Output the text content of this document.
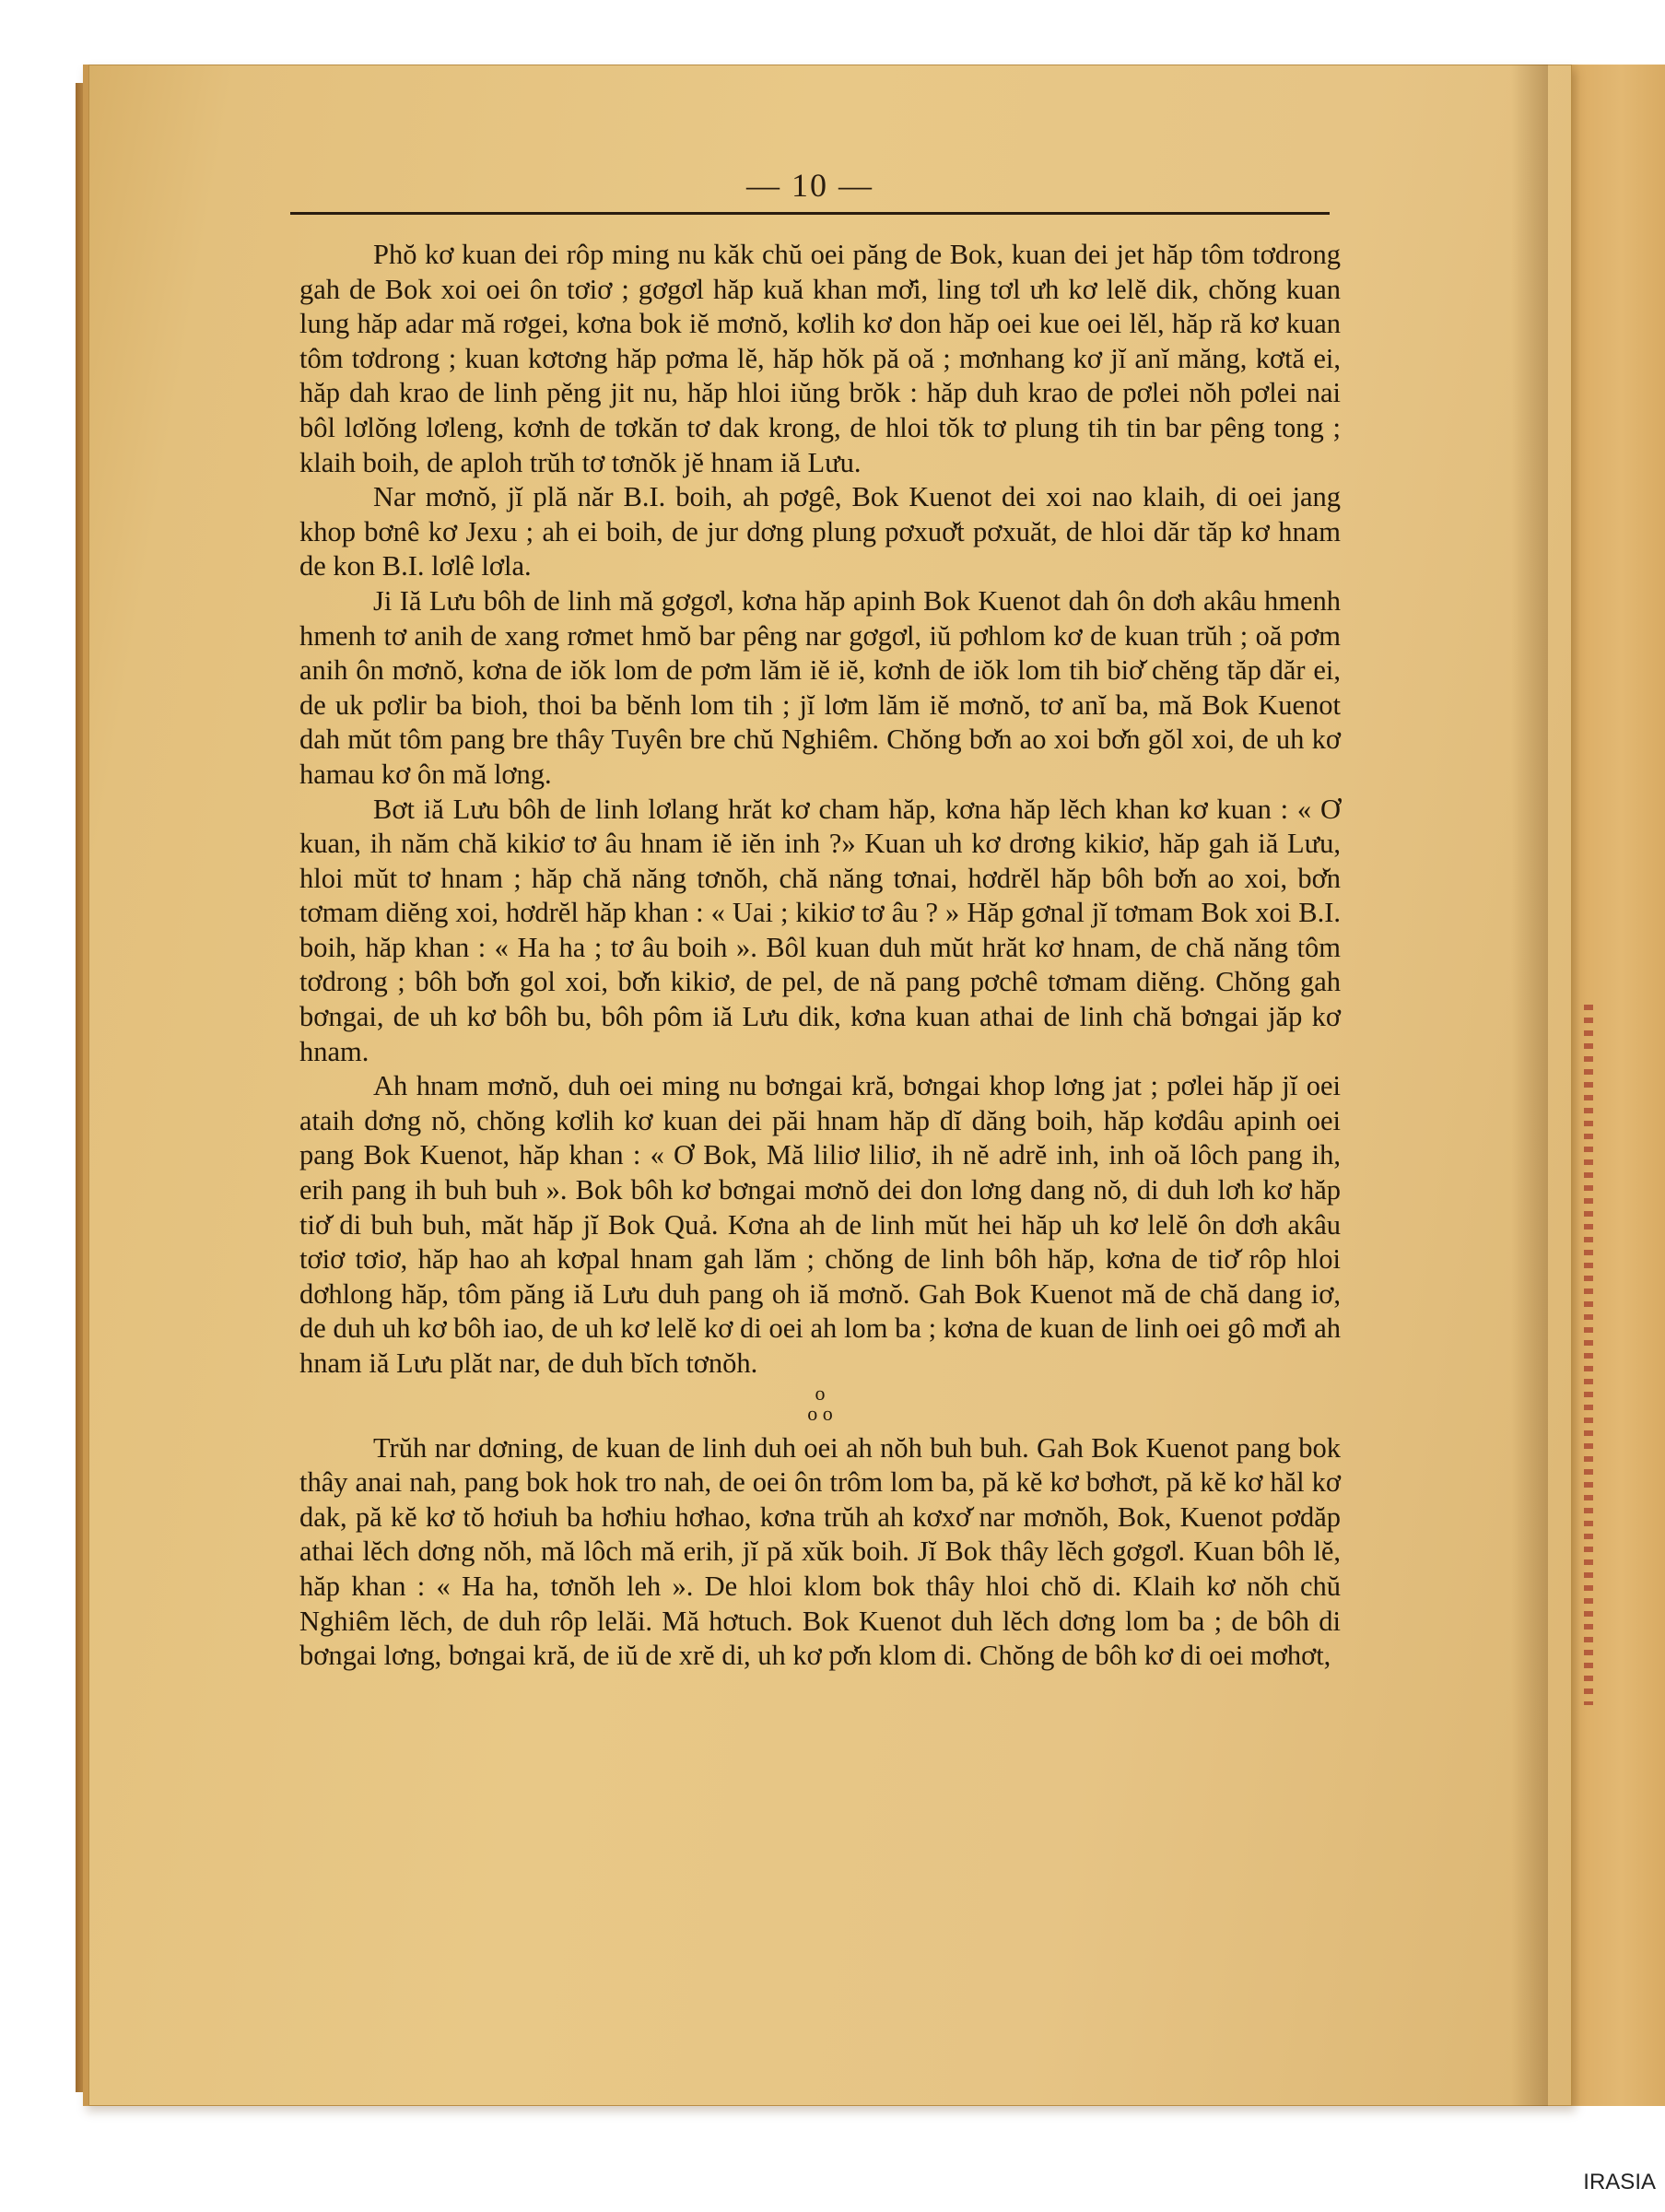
— 10 —

Phŏ kơ kuan dei rôp ming nu kăk chŭ oei păng de Bok, kuan dei jet hăp tôm tơdrong gah de Bok xoi oei ôn tơiơ ; gơgơl hăp kuă khan mơ̆i, ling tơl ưh kơ lelĕ dik, chŏng kuan lung hăp adar mă rơgei, kơna bok iĕ mơnŏ, kơlih kơ don hăp oei kue oei lĕl, hăp ră kơ kuan tôm tơdrong ; kuan kơtơng hăp pơma lĕ, hăp hŏk pă oă ; mơnhang kơ jĭ anĭ măng, kơtă ei, hăp dah krao de linh pĕng jit nu, hăp hloi iŭng brŏk : hăp duh krao de pơlei nŏh pơlei nai bôl lơlŏng lơleng, kơnh de tơkăn tơ dak krong, de hloi tŏk tơ plung tih tin bar pêng tong ; klaih boih, de aploh trŭh tơ tơnŏk jĕ hnam iă Lưu.

Nar mơnŏ, jĭ plă năr B.I. boih, ah pơgê, Bok Kuenot dei xoi nao klaih, di oei jang khop bơnê kơ Jexu ; ah ei boih, de jur dơng plung pơxuơ̆t pơxuăt, de hloi dăr tăp kơ hnam de kon B.I. lơlê lơla.

Ji Iă Lưu bôh de linh mă gơgơl, kơna hăp apinh Bok Kuenot dah ôn dơh akâu hmenh hmenh tơ anih de xang rơmet hmŏ bar pêng nar gơgơl, iŭ pơhlom kơ de kuan trŭh ; oă pơm anih ôn mơnŏ, kơna de iŏk lom de pơm lăm iĕ iĕ, kơnh de iŏk lom tih biơ̆ chĕng tăp dăr ei, de uk pơlir ba bioh, thoi ba bĕnh lom tih ; jĭ lơm lăm iĕ mơnŏ, tơ anĭ ba, mă Bok Kuenot dah mŭt tôm pang bre thây Tuyên bre chŭ Nghiêm. Chŏng bơ̆n ao xoi bơ̆n gŏl xoi, de uh kơ hamau kơ ôn mă lơng.

Bơt iă Lưu bôh de linh lơlang hrăt kơ cham hăp, kơna hăp lĕch khan kơ kuan : « Ơ kuan, ih năm chă kikiơ tơ âu hnam iĕ iĕn inh ?» Kuan uh kơ drơng kikiơ, hăp gah iă Lưu, hloi mŭt tơ hnam ; hăp chă năng tơnŏh, chă năng tơnai, hơdrĕl hăp bôh bơ̆n ao xoi, bơ̆n tơmam diĕng xoi, hơdrĕl hăp khan : « Uai ; kikiơ tơ âu ? » Hăp gơnal jĭ tơmam Bok xoi B.I. boih, hăp khan : « Ha ha ; tơ âu boih ». Bôl kuan duh mŭt hrăt kơ hnam, de chă năng tôm tơdrong ; bôh bơ̆n gol xoi, bơ̆n kikiơ, de pel, de nă pang pơchê tơmam diĕng. Chŏng gah bơngai, de uh kơ bôh bu, bôh pôm iă Lưu dik, kơna kuan athai de linh chă bơngai jăp kơ hnam.

Ah hnam mơnŏ, duh oei ming nu bơngai kră, bơngai khop lơng jat ; pơlei hăp jĭ oei ataih dơng nŏ, chŏng kơlih kơ kuan dei păi hnam hăp dĭ dăng boih, hăp kơdâu apinh oei pang Bok Kuenot, hăp khan : « Ơ Bok, Mă liliơ liliơ, ih nĕ adrĕ inh, inh oă lôch pang ih, erih pang ih buh buh ». Bok bôh kơ bơngai mơnŏ dei don lơng dang nŏ, di duh lơh kơ hăp tiơ̆ di buh buh, măt hăp jĭ Bok Quả. Kơna ah de linh mŭt hei hăp uh kơ lelĕ ôn dơh akâu tơiơ tơiơ, hăp hao ah kơpal hnam gah lăm ; chŏng de linh bôh hăp, kơna de tiơ̆ rôp hloi dơhlong hăp, tôm păng iă Lưu duh pang oh iă mơnŏ. Gah Bok Kuenot mă de chă dang iơ, de duh uh kơ bôh iao, de uh kơ lelĕ kơ di oei ah lom ba ; kơna de kuan de linh oei gô mơ̆i ah hnam iă Lưu plăt nar, de duh bĭch tơnŏh.

o
o o

Trŭh nar dơning, de kuan de linh duh oei ah nŏh buh buh. Gah Bok Kuenot pang bok thây anai nah, pang bok hok tro nah, de oei ôn trôm lom ba, pă kĕ kơ bơhơt, pă kĕ kơ hăl kơ dak, pă kĕ kơ tŏ hơiuh ba hơhiu hơhao, kơna trŭh ah kơxơ̆ nar mơnŏh, Bok, Kuenot pơdăp athai lĕch dơng nŏh, mă lôch mă erih, jĭ pă xŭk boih. Jĭ Bok thây lĕch gơgơl. Kuan bôh lĕ, hăp khan : « Ha ha, tơnŏh leh ». De hloi klom bok thây hloi chŏ di. Klaih kơ nŏh chŭ Nghiêm lĕch, de duh rôp lelăi. Mă hơtuch. Bok Kuenot duh lĕch dơng lom ba ; de bôh di bơngai lơng, bơngai kră, de iŭ de xrĕ di, uh kơ pơ̆n klom di. Chŏng de bôh kơ di oei mơhơt,

IRASIA
